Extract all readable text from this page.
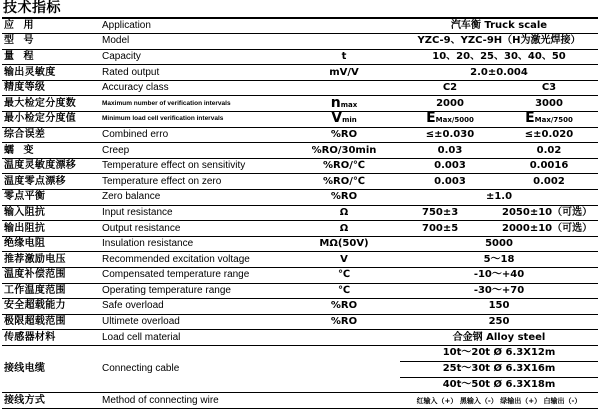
技术指标
应 用	Application		汽车衡 Truck scale	
型 号	Model		YZC-9、YZC-9H（H为激光焊接）	
量 程	Capacity	t	10、20、25、30、40、50	
输出灵敏度	Rated output	mV/V	2.0±0.004	
精度等级	Accuracy class		C2	C3
最大检定分度数	Maximum number of verification intervals	nmax	2000	3000
最小检定分度值	Minimum load cell verification intervals	Vmin	EMax/5000	EMax/7500
综合误差	Combined erro	%RO	≤±0.030	≤±0.020
蠕 变	Creep	%RO/30min	0.03	0.02
温度灵敏度漂移	Temperature effect on sensitivity	%RO/℃	0.003	0.0016
温度零点漂移	Temperature effect on zero	%RO/℃	0.003	0.002
零点平衡	Zero balance	%RO	±1.0	
输入阻抗	Input resistance	Ω	750±3	2050±10（可选）
输出阻抗	Output resistance	Ω	700±5	2000±10（可选）
绝缘电阻	Insulation resistance	MΩ(50V)	5000	
推荐激励电压	Recommended excitation voltage	V	5～18	
温度补偿范围	Compensated temperature range	℃	-10～+40	
工作温度范围	Operating temperature range	℃	-30～+70	
安全超载能力	Safe overload	%RO	150	
极限超载范围	Ultimete overload	%RO	250	
传感器材料	Load cell material		合金钢 Alloy steel	
接线电缆	Connecting cable		10t～20t Ø 6.3X12m	
			25t～30t Ø 6.3X16m	
			40t～50t Ø 6.3X18m	
接线方式	Method of connecting wire		红输入（+） 黑输入（-） 绿输出（+） 白输出（-）	
